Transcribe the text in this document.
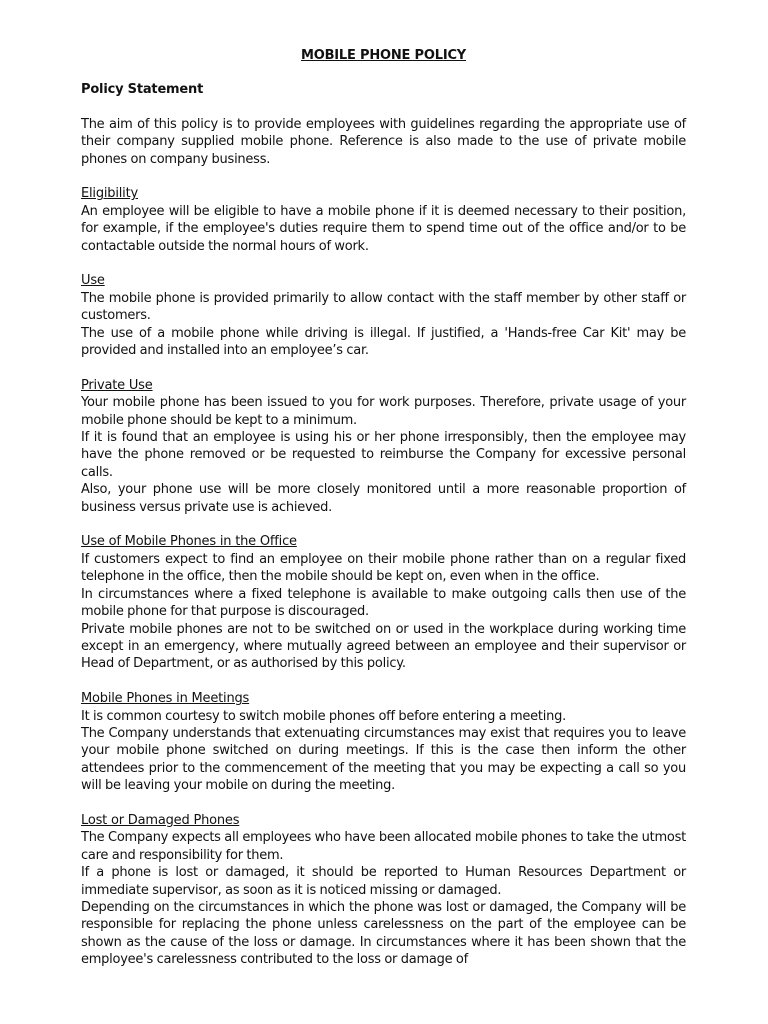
MOBILE PHONE POLICY
Policy Statement

The aim of this policy is to provide employees with guidelines regarding the appropriate use of their company supplied mobile phone. Reference is also made to the use of private mobile phones on company business.

Eligibility

An employee will be eligible to have a mobile phone if it is deemed necessary to their position, for example, if the employee's duties require them to spend time out of the office and/or to be contactable outside the normal hours of work.

Use

The mobile phone is provided primarily to allow contact with the staff member by other staff or customers.

The use of a mobile phone while driving is illegal. If justified, a 'Hands-free Car Kit' may be provided and installed into an employee’s car.

Private Use

Your mobile phone has been issued to you for work purposes. Therefore, private usage of your mobile phone should be kept to a minimum.

If it is found that an employee is using his or her phone irresponsibly, then the employee may have the phone removed or be requested to reimburse the Company for excessive personal calls.

Also, your phone use will be more closely monitored until a more reasonable proportion of business versus private use is achieved.

Use of Mobile Phones in the Office

If customers expect to find an employee on their mobile phone rather than on a regular fixed telephone in the office, then the mobile should be kept on, even when in the office.

In circumstances where a fixed telephone is available to make outgoing calls then use of the mobile phone for that purpose is discouraged.

Private mobile phones are not to be switched on or used in the workplace during working time except in an emergency, where mutually agreed between an employee and their supervisor or Head of Department, or as authorised by this policy.

Mobile Phones in Meetings

It is common courtesy to switch mobile phones off before entering a meeting.

The Company understands that extenuating circumstances may exist that requires you to leave your mobile phone switched on during meetings. If this is the case then inform the other attendees prior to the commencement of the meeting that you may be expecting a call so you will be leaving your mobile on during the meeting.

Lost or Damaged Phones

The Company expects all employees who have been allocated mobile phones to take the utmost care and responsibility for them.

If a phone is lost or damaged, it should be reported to Human Resources Department or immediate supervisor, as soon as it is noticed missing or damaged.

Depending on the circumstances in which the phone was lost or damaged, the Company will be responsible for replacing the phone unless carelessness on the part of the employee can be shown as the cause of the loss or damage. In circumstances where it has been shown that the employee's carelessness contributed to the loss or damage of
